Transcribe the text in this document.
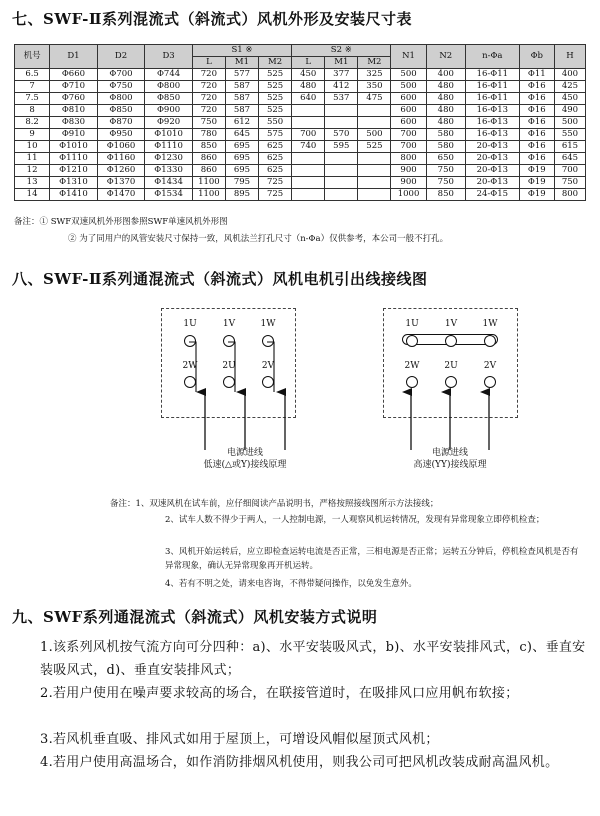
七、SWF-Ⅱ系列混流式（斜流式）风机外形及安装尺寸表
机号	D1	D2	D3	S1 ※			S2 ※			N1	N2	n-Φa	Φb	H
				L	M1	M2	L	M1	M2					
6.5	Φ660	Φ700	Φ744	720	577	525	450	377	325	500	400	16-Φ11	Φ11	400
7	Φ710	Φ750	Φ800	720	587	525	480	412	350	500	480	16-Φ11	Φ16	425
7.5	Φ760	Φ800	Φ850	720	587	525	640	537	475	600	480	16-Φ11	Φ16	450
8	Φ810	Φ850	Φ900	720	587	525				600	480	16-Φ13	Φ16	490
8.2	Φ830	Φ870	Φ920	750	612	550				600	480	16-Φ13	Φ16	500
9	Φ910	Φ950	Φ1010	780	645	575	700	570	500	700	580	16-Φ13	Φ16	550
10	Φ1010	Φ1060	Φ1110	850	695	625	740	595	525	700	580	20-Φ13	Φ16	615
11	Φ1110	Φ1160	Φ1230	860	695	625				800	650	20-Φ13	Φ16	645
12	Φ1210	Φ1260	Φ1330	860	695	625				900	750	20-Φ13	Φ19	700
13	Φ1310	Φ1370	Φ1434	1100	795	725				900	750	20-Φ13	Φ19	750
14	Φ1410	Φ1470	Φ1534	1100	895	725				1000	850	24-Φ15	Φ19	800
备注：① SWF双速风机外形图参照SWF单速风机外形图
② 为了同用户的风管安装尺寸保持一致，风机法兰打孔尺寸（n-Φa）仅供参考，本公司一般不打孔。
八、SWF-Ⅱ系列通混流式（斜流式）风机电机引出线接线图
1U	1V	1W
2W	2U	2V
1U	1V	1W
2W	2U	2V
电源进线
低速(△或Y)接线原理
电源进线
高速(YY)接线原理
备注：1、双速风机在试车前，应仔细阅读产品说明书，严格按照接线图所示方法接线；
2、试车人数不得少于两人，一人控制电源，一人观察风机运转情况，发现有异常现象立即停机检查；
3、风机开始运转后，应立即检查运转电流是否正常，三相电源是否正常；运转五分钟后，停机检查风机是否有异常现象，确认无异常现象再开机运转。
4、若有不明之处，请来电咨询，不得带疑问操作，以免发生意外。
九、SWF系列通混流式（斜流式）风机安装方式说明
1.该系列风机按气流方向可分四种：a)、水平安装吸风式，b)、水平安装排风式，c)、垂直安装吸风式，d)、垂直安装排风式；
2.若用户使用在噪声要求较高的场合，在联接管道时，在吸排风口应用帆布软接；
3.若风机垂直吸、排风式如用于屋顶上，可增设风帽似屋顶式风机；
4.若用户使用高温场合，如作消防排烟风机使用，则我公司可把风机改装成耐高温风机。
